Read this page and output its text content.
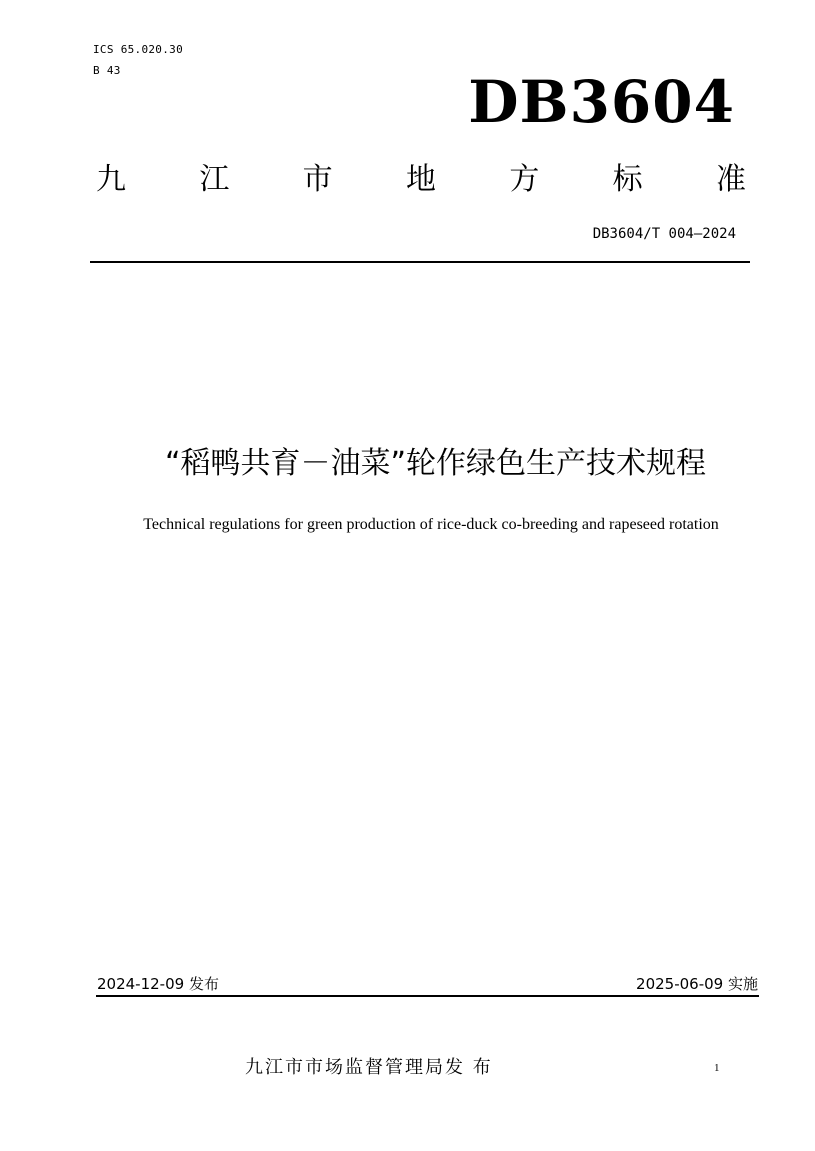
ICS 65.020.30
B 43	DB3604
九 江 市 地 方 标 准
DB3604/T 004—2024
“稻鸭共育－油菜”轮作绿色生产技术规程
Technical regulations for green production of rice-duck co-breeding and rapeseed rotation
2024-12-09 发布	2025-06-09 实施
九江市市场监督管理局发 布	1
